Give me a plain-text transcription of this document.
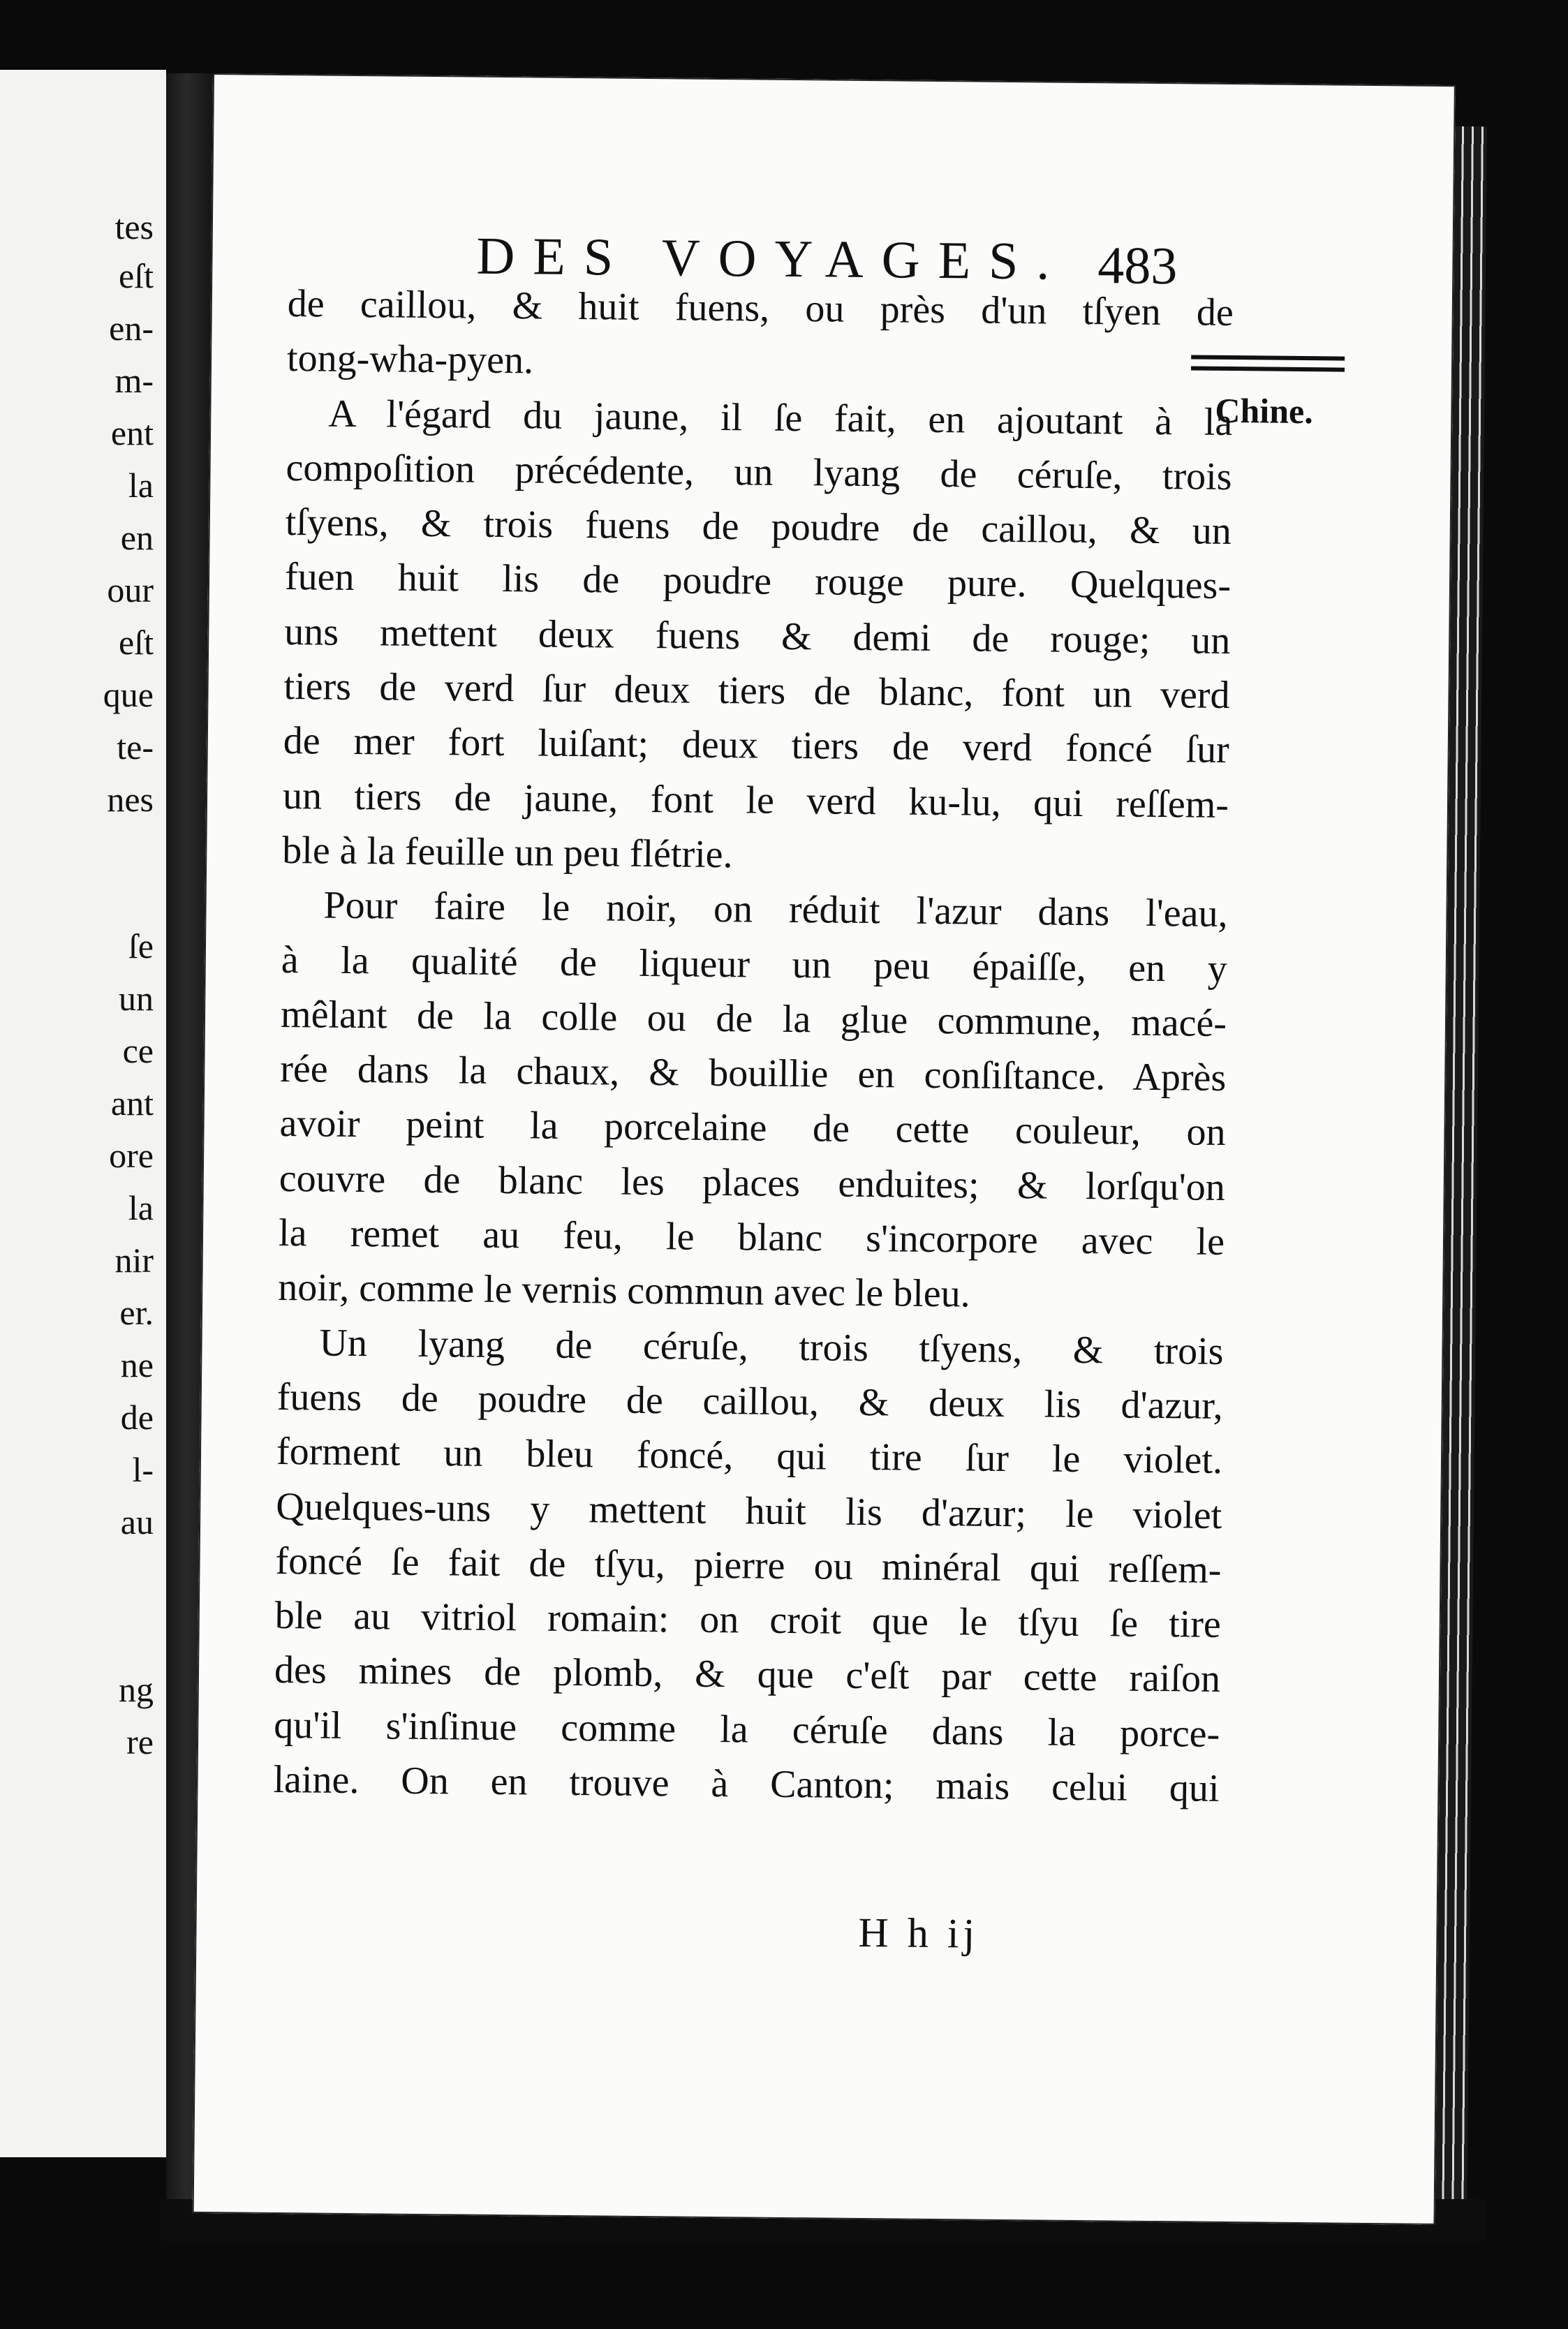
tes
eſt
en-
m-
ent
la
en
our
eſt
que
te-
nes
ſe
un
ce
ant
ore
la
nir
er.
ne
de
l-
au
ng
re
DES VOYAGES. 483
Chine.
de caillou, & huit fuens, ou près d'un tſyen de
tong-wha-pyen.
A l'égard du jaune, il ſe fait, en ajoutant à la
compoſition précédente, un lyang de céruſe, trois
tſyens, & trois fuens de poudre de caillou, & un
fuen huit lis de poudre rouge pure. Quelques-
uns mettent deux fuens & demi de rouge; un
tiers de verd ſur deux tiers de blanc, font un verd
de mer fort luiſant; deux tiers de verd foncé ſur
un tiers de jaune, font le verd ku-lu, qui reſſem-
ble à la feuille un peu flétrie.
Pour faire le noir, on réduit l'azur dans l'eau,
à la qualité de liqueur un peu épaiſſe, en y
mêlant de la colle ou de la glue commune, macé-
rée dans la chaux, & bouillie en conſiſtance. Après
avoir peint la porcelaine de cette couleur, on
couvre de blanc les places enduites; & lorſqu'on
la remet au feu, le blanc s'incorpore avec le
noir, comme le vernis commun avec le bleu.
Un lyang de céruſe, trois tſyens, & trois
fuens de poudre de caillou, & deux lis d'azur,
forment un bleu foncé, qui tire ſur le violet.
Quelques-uns y mettent huit lis d'azur; le violet
foncé ſe fait de tſyu, pierre ou minéral qui reſſem-
ble au vitriol romain: on croit que le tſyu ſe tire
des mines de plomb, & que c'eſt par cette raiſon
qu'il s'inſinue comme la céruſe dans la porce-
laine. On en trouve à Canton; mais celui qui
H h ij
